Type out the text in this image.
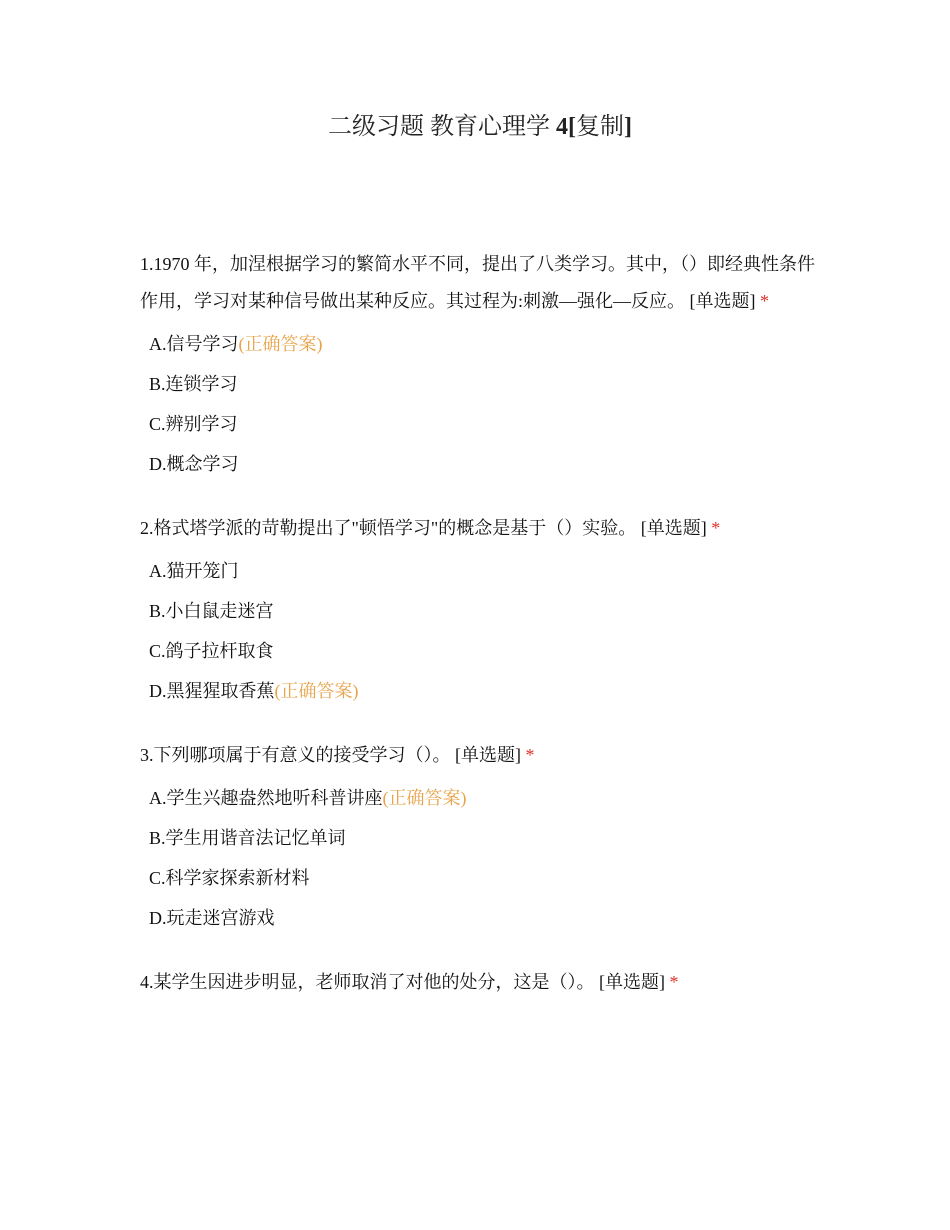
二级习题 教育心理学 4[复制]
1.1970 年，加涅根据学习的繁简水平不同，提出了八类学习。其中，（）即经典性条件作用，学习对某种信号做出某种反应。其过程为:刺激—强化—反应。 [单选题] *
A.信号学习(正确答案)
B.连锁学习
C.辨别学习
D.概念学习
2.格式塔学派的苛勒提出了"顿悟学习"的概念是基于（）实验。 [单选题] *
A.猫开笼门
B.小白鼠走迷宫
C.鸽子拉杆取食
D.黑猩猩取香蕉(正确答案)
3.下列哪项属于有意义的接受学习（）。 [单选题] *
A.学生兴趣盎然地听科普讲座(正确答案)
B.学生用谐音法记忆单词
C.科学家探索新材料
D.玩走迷宫游戏
4.某学生因进步明显，老师取消了对他的处分，这是（）。 [单选题] *
